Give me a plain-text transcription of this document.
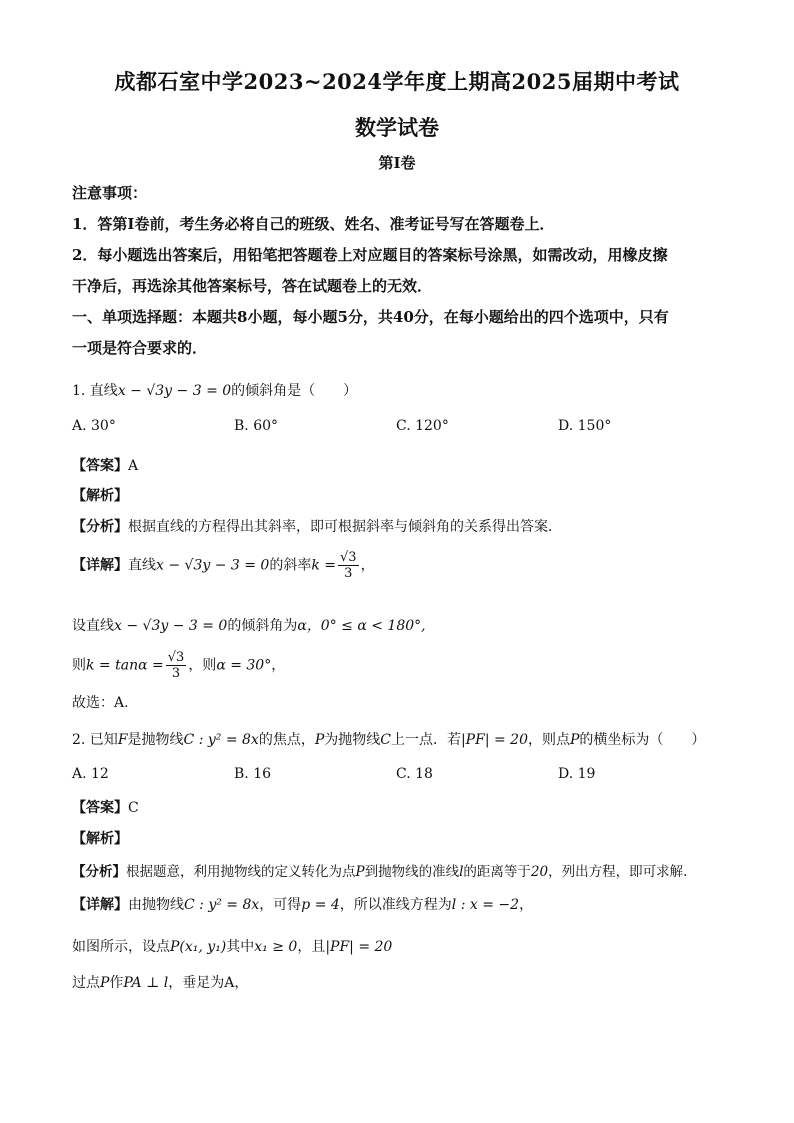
成都石室中学2023~2024学年度上期高2025届期中考试
数学试卷
第I卷
注意事项：
1．答第I卷前，考生务必将自己的班级、姓名、准考证号写在答题卷上．
2．每小题选出答案后，用铅笔把答题卷上对应题目的答案标号涂黑，如需改动，用橡皮擦
干净后，再选涂其他答案标号，答在试题卷上的无效．
一、单项选择题：本题共8小题，每小题5分，共40分，在每小题给出的四个选项中，只有
一项是符合要求的．
1. 直线x − √3y − 3 = 0的倾斜角是（　　）
A. 30°	B. 60°	C. 120°	D. 150°
【答案】A
【解析】
【分析】根据直线的方程得出其斜率，即可根据斜率与倾斜角的关系得出答案.
【详解】直线x − √3y − 3 = 0的斜率$k = \frac{√3}{3}$ ，
设直线x − √3y − 3 = 0的倾斜角为α，0° ≤ α < 180°,
则$k = \tan\alpha = \frac{√3}{3}$ ，则α = 30°，
故选：A.
2. 已知F是抛物线C : y² = 8x的焦点，P为抛物线C上一点．若|PF| = 20，则点P的横坐标为（　　）
A. 12	B. 16	C. 18	D. 19
【答案】C
【解析】
【分析】根据题意，利用抛物线的定义转化为点P到抛物线的准线l的距离等于20，列出方程，即可求解.
【详解】由抛物线C : y² = 8x，可得p = 4，所以准线方程为l : x = −2，
如图所示，设点P(x₁, y₁)其中x₁ ≥ 0，且|PF| = 20
过点P作PA ⊥ l，垂足为A，
